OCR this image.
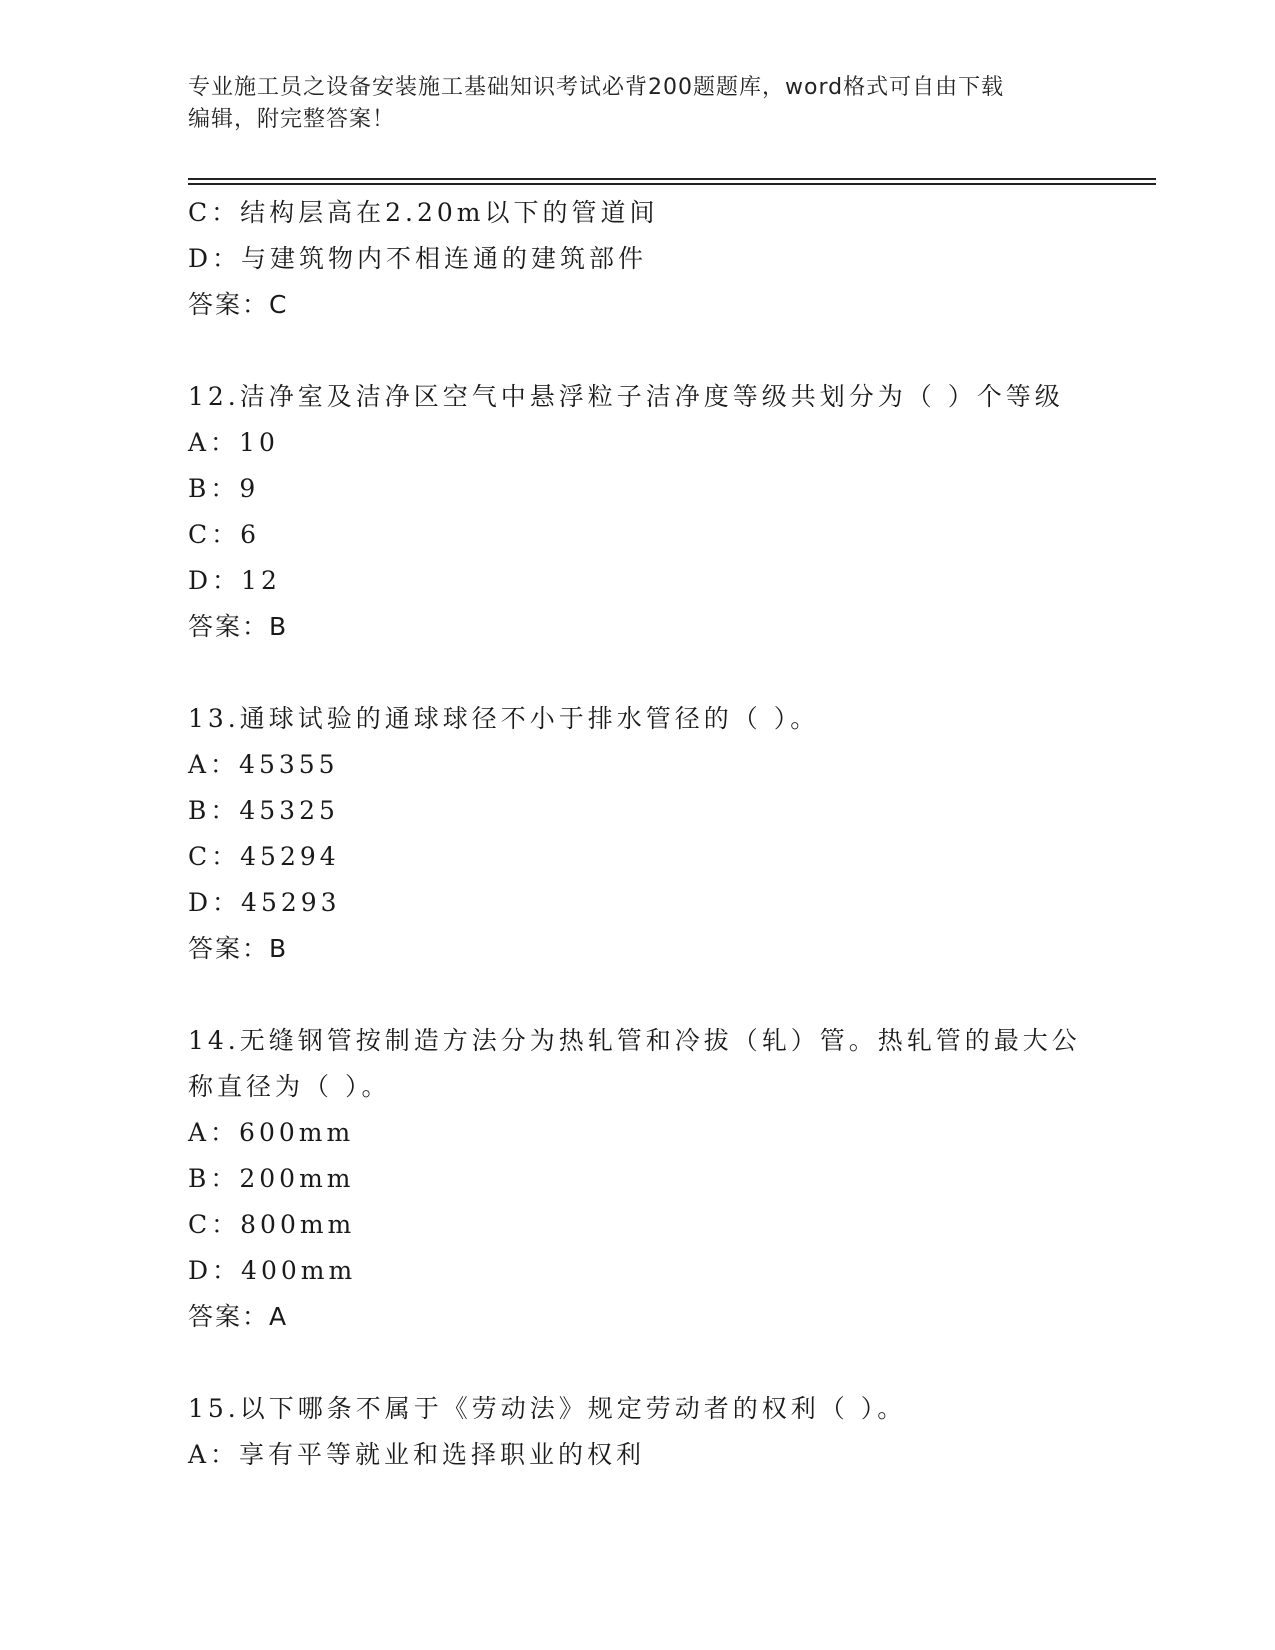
专业施工员之设备安装施工基础知识考试必背200题题库，word格式可自由下载
编辑，附完整答案！
C：结构层高在2.20m以下的管道间
D：与建筑物内不相连通的建筑部件
答案：C
12.洁净室及洁净区空气中悬浮粒子洁净度等级共划分为（ ）个等级
A：10
B：9
C：6
D：12
答案：B
13.通球试验的通球球径不小于排水管径的（ ）。
A：45355
B：45325
C：45294
D：45293
答案：B
14.无缝钢管按制造方法分为热轧管和冷拔（轧）管。热轧管的最大公
称直径为（ ）。
A：600mm
B：200mm
C：800mm
D：400mm
答案：A
15.以下哪条不属于《劳动法》规定劳动者的权利（ ）。
A：享有平等就业和选择职业的权利
